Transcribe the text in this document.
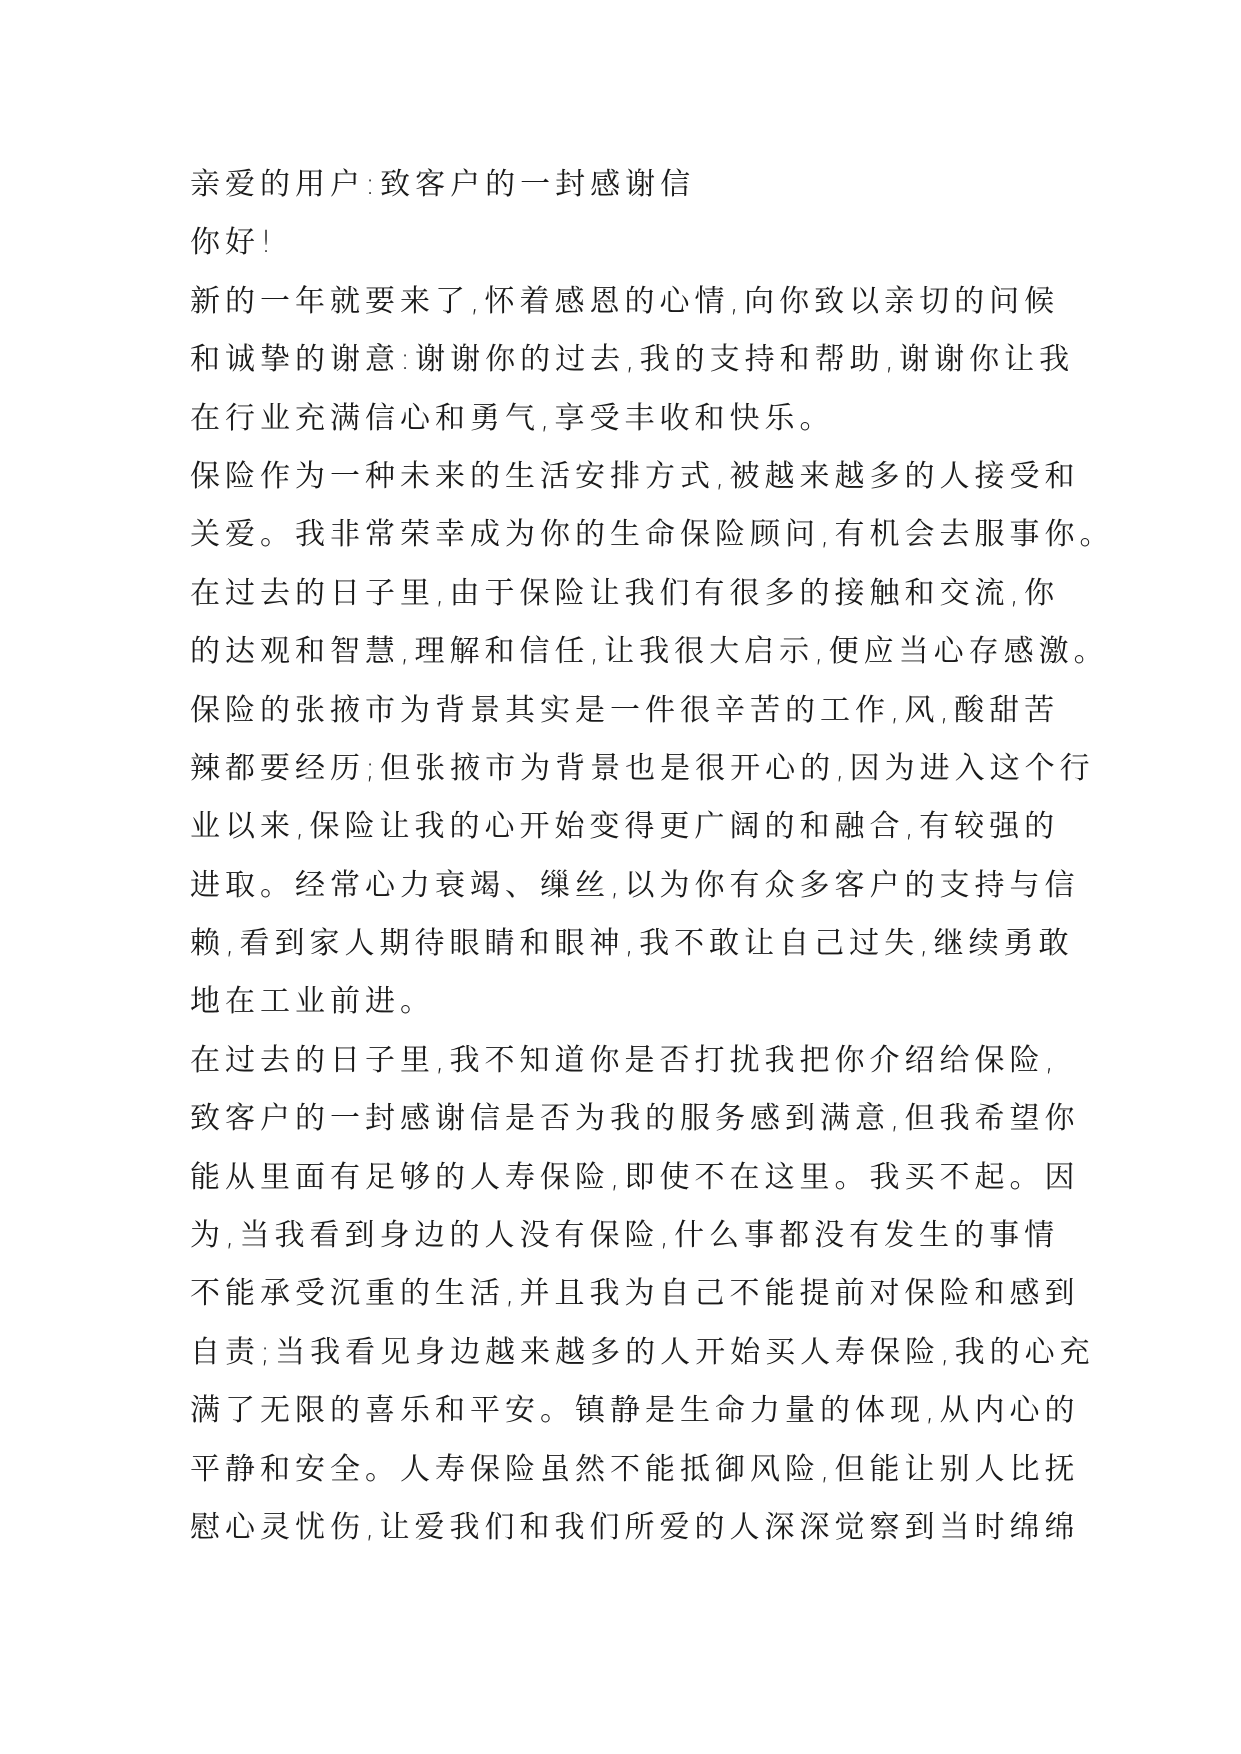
亲爱的用户:致客户的一封感谢信
你好!
新的一年就要来了,怀着感恩的心情,向你致以亲切的问候
和诚挚的谢意:谢谢你的过去,我的支持和帮助,谢谢你让我
在行业充满信心和勇气,享受丰收和快乐。
保险作为一种未来的生活安排方式,被越来越多的人接受和
关爱。我非常荣幸成为你的生命保险顾问,有机会去服事你。
在过去的日子里,由于保险让我们有很多的接触和交流,你
的达观和智慧,理解和信任,让我很大启示,便应当心存感激。
保险的张掖市为背景其实是一件很辛苦的工作,风,酸甜苦
辣都要经历;但张掖市为背景也是很开心的,因为进入这个行
业以来,保险让我的心开始变得更广阔的和融合,有较强的
进取。经常心力衰竭、缫丝,以为你有众多客户的支持与信
赖,看到家人期待眼睛和眼神,我不敢让自己过失,继续勇敢
地在工业前进。
在过去的日子里,我不知道你是否打扰我把你介绍给保险,
致客户的一封感谢信是否为我的服务感到满意,但我希望你
能从里面有足够的人寿保险,即使不在这里。我买不起。因
为,当我看到身边的人没有保险,什么事都没有发生的事情
不能承受沉重的生活,并且我为自己不能提前对保险和感到
自责;当我看见身边越来越多的人开始买人寿保险,我的心充
满了无限的喜乐和平安。镇静是生命力量的体现,从内心的
平静和安全。人寿保险虽然不能抵御风险,但能让别人比抚
慰心灵忧伤,让爱我们和我们所爱的人深深觉察到当时绵绵
